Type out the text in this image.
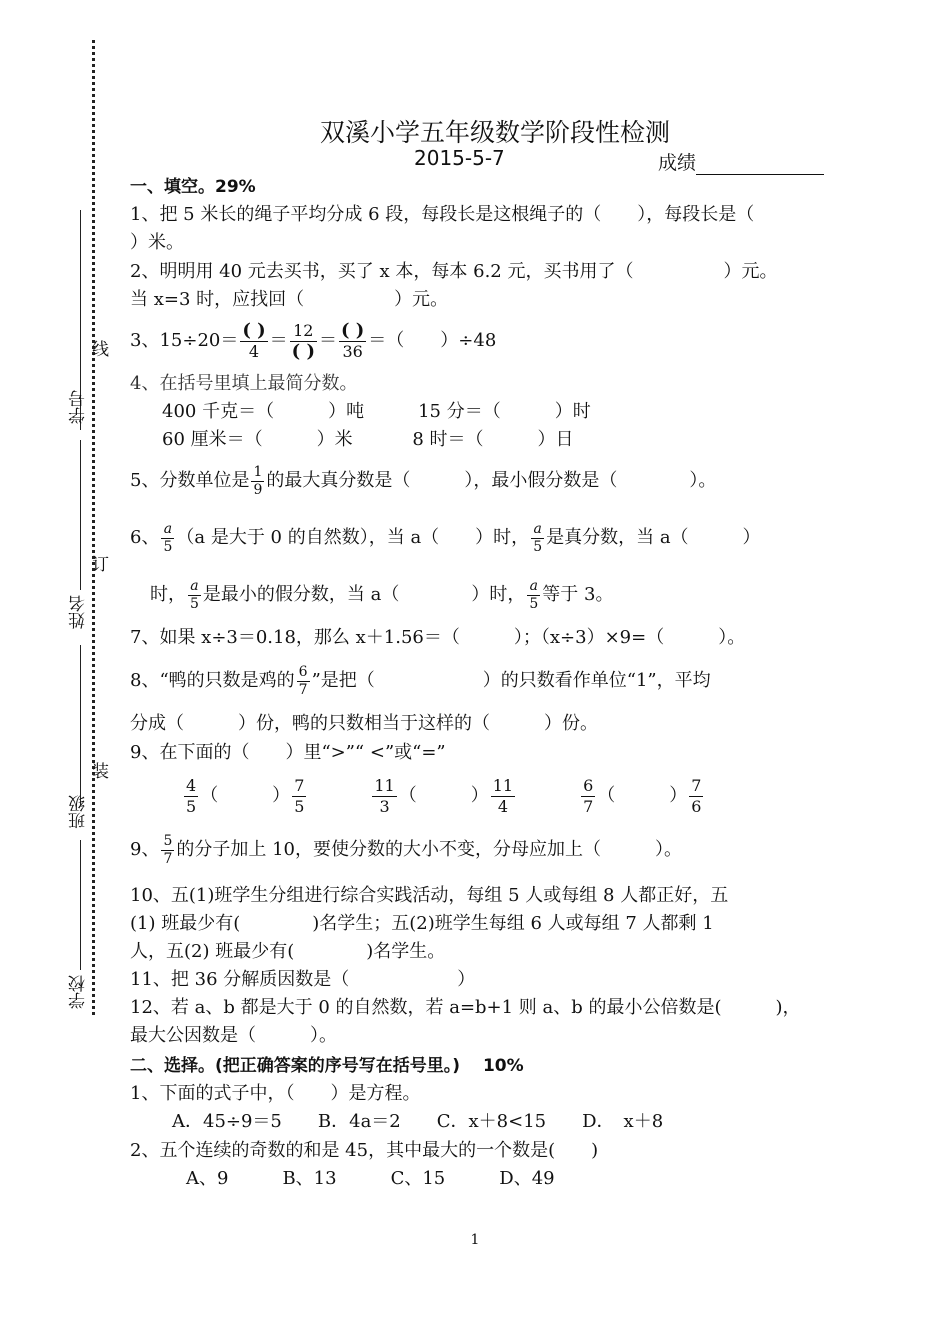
学号
姓名
班级
学校
线
订
装
双溪小学五年级数学阶段性检测
2015-5-7	成绩
一、填空。29%
1、把 5 米长的绳子平均分成 6 段，每段长是这根绳子的（　　），每段长是（
）米。
2、明明用 40 元去买书，买了 x 本，每本 6.2 元，买书用了（　　　　　）元。
当 x=3 时，应找回（　　　　　）元。
3、$15\div 20= \frac{( )}{4} = \frac{12}{( )} = \frac{( )}{36}$ ＝（　　）÷48
4、在括号里填上最简分数。
400 千克＝（　　　）吨　　　15 分＝（　　　）时
60 厘米＝（　　　）米　　　 8 时＝（　　　）日
5、分数单位是 $\frac{1}{9}$ 的最大真分数是（　　　），最小假分数是（　　　　）。
6、 $\frac{a}{5} (a$ 是大于 0 的自然数），当 a（　　）时， $\frac{a}{5}$ 是真分数，当 a（　　　）
时， $\frac{a}{5}$ 是最小的假分数，当 a（　　　　）时， $\frac{a}{5}$ 等于 3。
7、如果 x÷3＝0.18，那么 x＋1.56＝（　　　）；（x÷3）×9=（　　　）。
8、“鸭的只数是鸡的 $\frac{6}{7}$ ”是把（　　　　　　）的只数看作单位“1”，平均
分成（　　　）份，鸭的只数相当于这样的（　　　）份。
9、在下面的（　　）里“>”“ <”或“=”
$\frac{4}{5}$ （　　　） $\frac{7}{5}$	$\frac{11}{3}$ （　　　） $\frac{11}{4}$	$\frac{6}{7}$ （　　　） $\frac{7}{6}$
9、 $\frac{5}{7}$ 的分子加上 10，要使分数的大小不变，分母应加上（　　　）。
10、五(1)班学生分组进行综合实践活动，每组 5 人或每组 8 人都正好，五
(1) 班最少有(　　　　)名学生；五(2)班学生每组 6 人或每组 7 人都剩 1
人，五(2) 班最少有(　　　　)名学生。
11、把 36 分解质因数是（　　　　　　）
12、若 a、b 都是大于 0 的自然数，若 a=b+1 则 a、b 的最小公倍数是(　　　)，
最大公因数是（　　　）。
二、选择。(把正确答案的序号写在括号里。)　 10%
1、下面的式子中，（　　）是方程。
A．45÷9＝5　　B．4a＝2　　C．x＋8<15　　D．　x＋8
2、五个连续的奇数的和是 45，其中最大的一个数是(　　)
A、9　　　B、13　　　C、15　　　D、49
1
